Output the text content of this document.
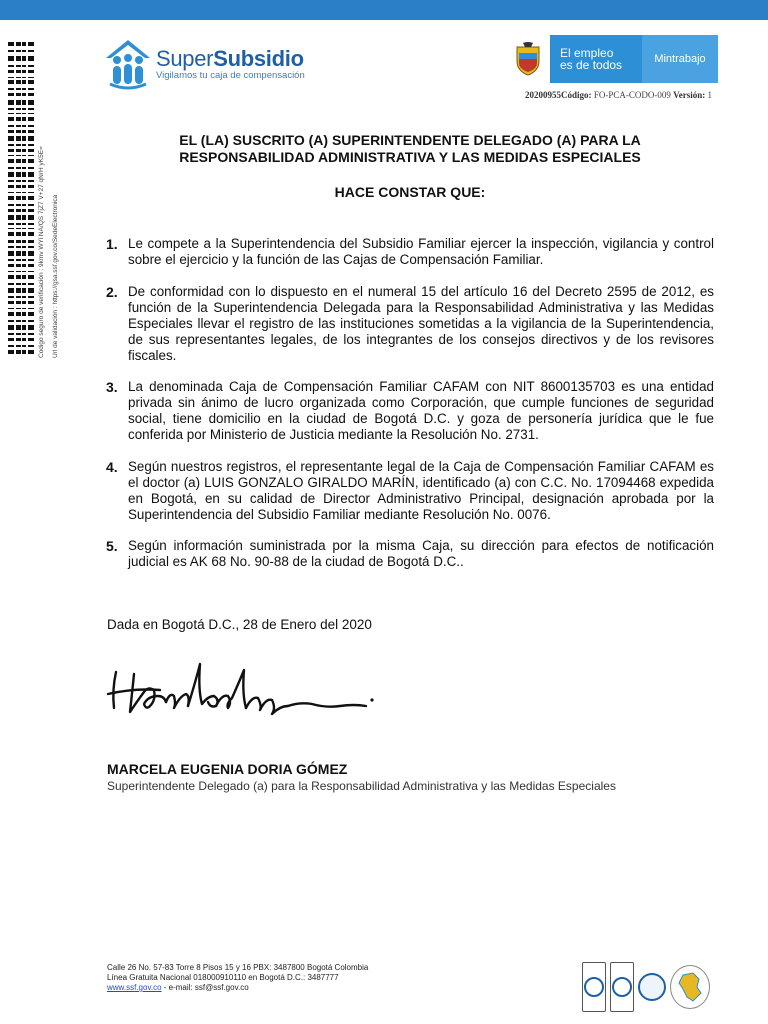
Codigo seguro de verificación : 9kmv WYi NA/QS 7jZ7 V+27 qNrH yK5E= Url de validación : https://gsa.ssf.gov.co/SedeElectronica
SuperSubsidio
Vigilamos tu caja de compensación
El empleo
es de todos	Mintrabajo
20200955Código: FO-PCA-CODO-009 Versión: 1
EL (LA) SUSCRITO (A) SUPERINTENDENTE DELEGADO (A) PARA LA
RESPONSABILIDAD ADMINISTRATIVA Y LAS MEDIDAS ESPECIALES
HACE CONSTAR QUE:
1. Le compete a la Superintendencia del Subsidio Familiar ejercer la inspección, vigilancia y control sobre el ejercicio y la función de las Cajas de Compensación Familiar.
2. De conformidad con lo dispuesto en el numeral 15 del artículo 16 del Decreto 2595 de 2012, es función de la Superintendencia Delegada para la Responsabilidad Administrativa y las Medidas Especiales llevar el registro de las instituciones sometidas a la vigilancia de la Superintendencia, de sus representantes legales, de los integrantes de los consejos directivos y de los revisores fiscales.
3. La denominada Caja de Compensación Familiar CAFAM con NIT 8600135703 es una entidad privada sin ánimo de lucro organizada como Corporación, que cumple funciones de seguridad social, tiene domicilio en la ciudad de Bogotá D.C. y goza de personería jurídica que le fue conferida por Ministerio de Justicia mediante la Resolución No. 2731.
4. Según nuestros registros, el representante legal de la Caja de Compensación Familiar CAFAM es el doctor (a) LUIS GONZALO GIRALDO MARÍN, identificado (a) con C.C. No. 17094468 expedida en Bogotá, en su calidad de Director Administrativo Principal, designación aprobada por la Superintendencia del Subsidio Familiar mediante Resolución No. 0076.
5. Según información suministrada por la misma Caja, su dirección para efectos de notificación judicial es AK 68 No. 90-88 de la ciudad de Bogotá D.C..
Dada en Bogotá D.C., 28 de Enero del 2020
MARCELA EUGENIA DORIA GÓMEZ
Superintendente Delegado (a) para la Responsabilidad Administrativa y las Medidas Especiales
Calle 26 No. 57-83 Torre 8 Pisos 15 y 16 PBX: 3487800 Bogotá Colombia
Línea Gratuita Nacional 018000910110 en Bogotá D.C.: 3487777
www.ssf.gov.co - e-mail: ssf@ssf.gov.co
